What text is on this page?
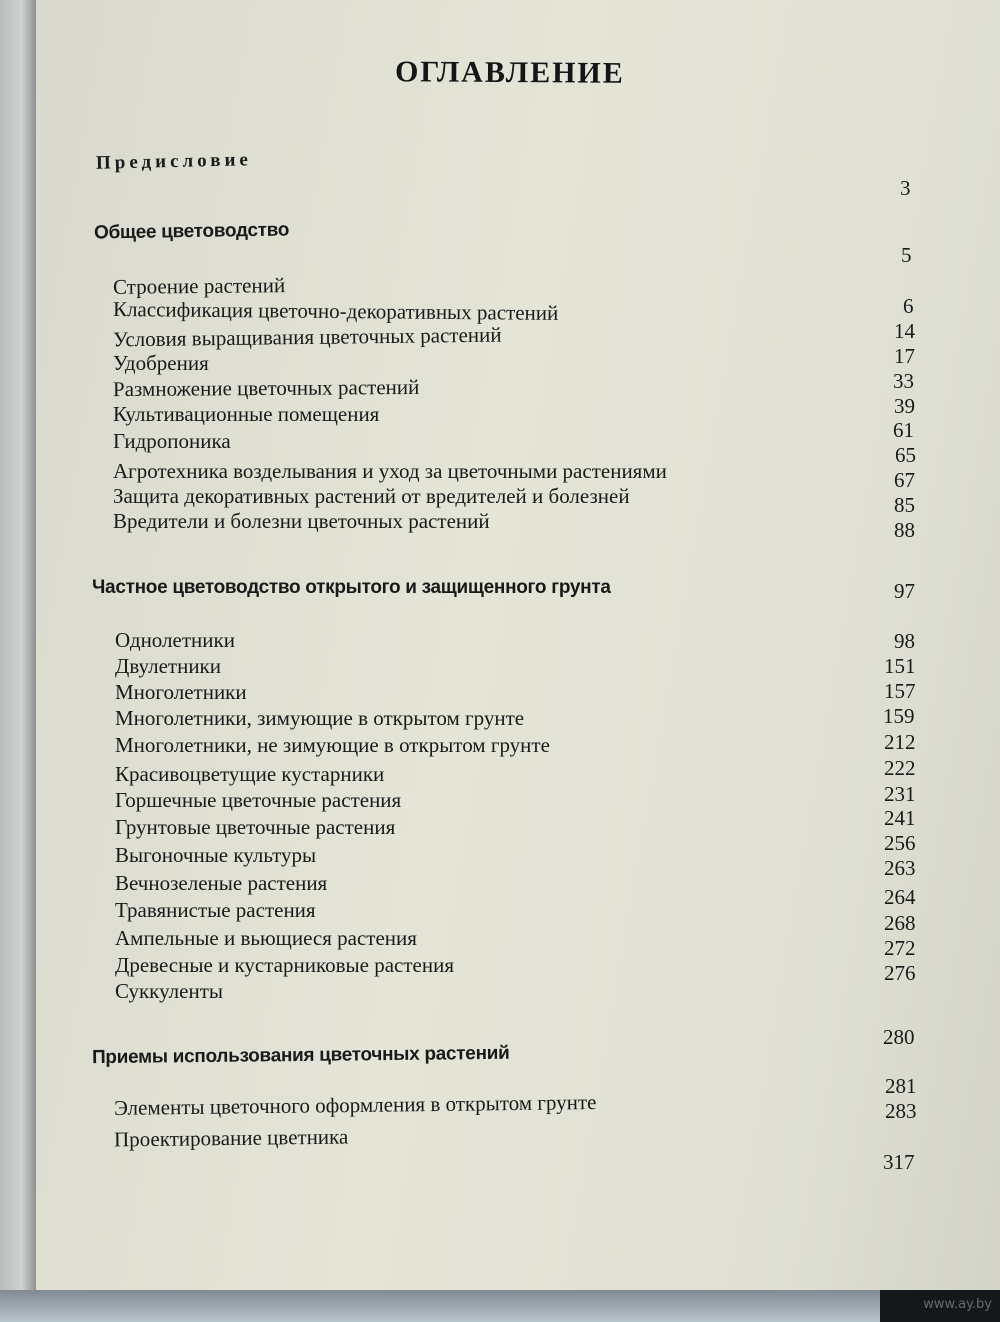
ОГЛАВЛЕНИЕ
Предисловие
3
Общее цветоводство
5
Строение растений
Классификация цветочно-декоративных растений
Условия выращивания цветочных растений
Удобрения
Размножение цветочных растений
Культивационные помещения
Гидропоника
Агротехника возделывания и уход за цветочными растениями
Защита декоративных растений от вредителей и болезней
Вредители и болезни цветочных растений
6
14
17
33
39
61
65
67
85
88
Частное цветоводство открытого и защищенного грунта	97
Однолетники
Двулетники
Многолетники
Многолетники, зимующие в открытом грунте
Многолетники, не зимующие в открытом грунте
Красивоцветущие кустарники
Горшечные цветочные растения
Грунтовые цветочные растения
Выгоночные культуры
Вечнозеленые растения
Травянистые растения
Ампельные и вьющиеся растения
Древесные и кустарниковые растения
Суккуленты
98
151
157
159
212
222
231
241
256
263
264
268
272
276
Приемы использования цветочных растений
280
Элементы цветочного оформления в открытом грунте
Проектирование цветника
281
283
317
www.ay.by
